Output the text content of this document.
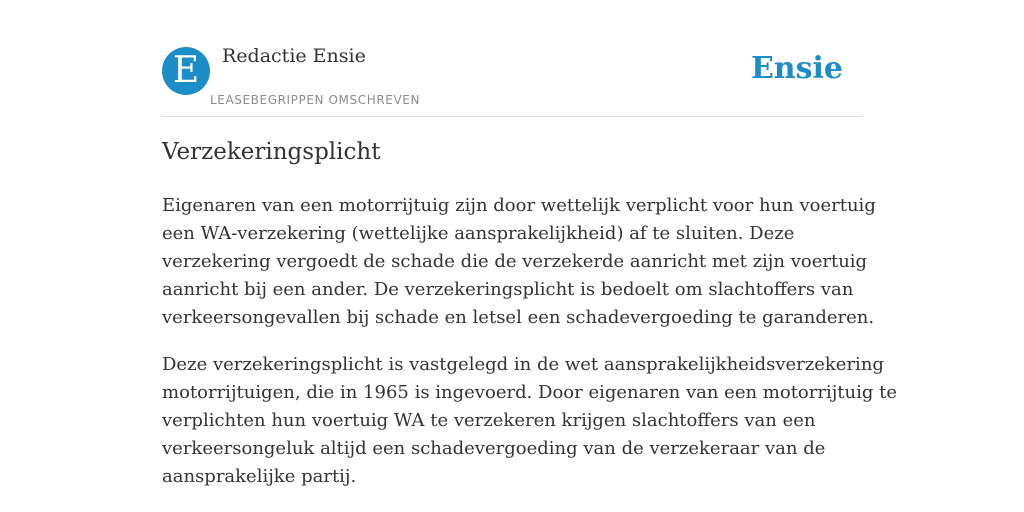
E	Redactie Ensie
LEASEBEGRIPPEN OMSCHREVEN
Ensie
Verzekeringsplicht

Eigenaren van een motorrijtuig zijn door wettelijk verplicht voor hun voertuig
een WA-verzekering (wettelijke aansprakelijkheid) af te sluiten. Deze
verzekering vergoedt de schade die de verzekerde aanricht met zijn voertuig
aanricht bij een ander. De verzekeringsplicht is bedoelt om slachtoffers van
verkeersongevallen bij schade en letsel een schadevergoeding te garanderen.

Deze verzekeringsplicht is vastgelegd in de wet aansprakelijkheidsverzekering
motorrijtuigen, die in 1965 is ingevoerd. Door eigenaren van een motorrijtuig te
verplichten hun voertuig WA te verzekeren krijgen slachtoffers van een
verkeersongeluk altijd een schadevergoeding van de verzekeraar van de
aansprakelijke partij.
